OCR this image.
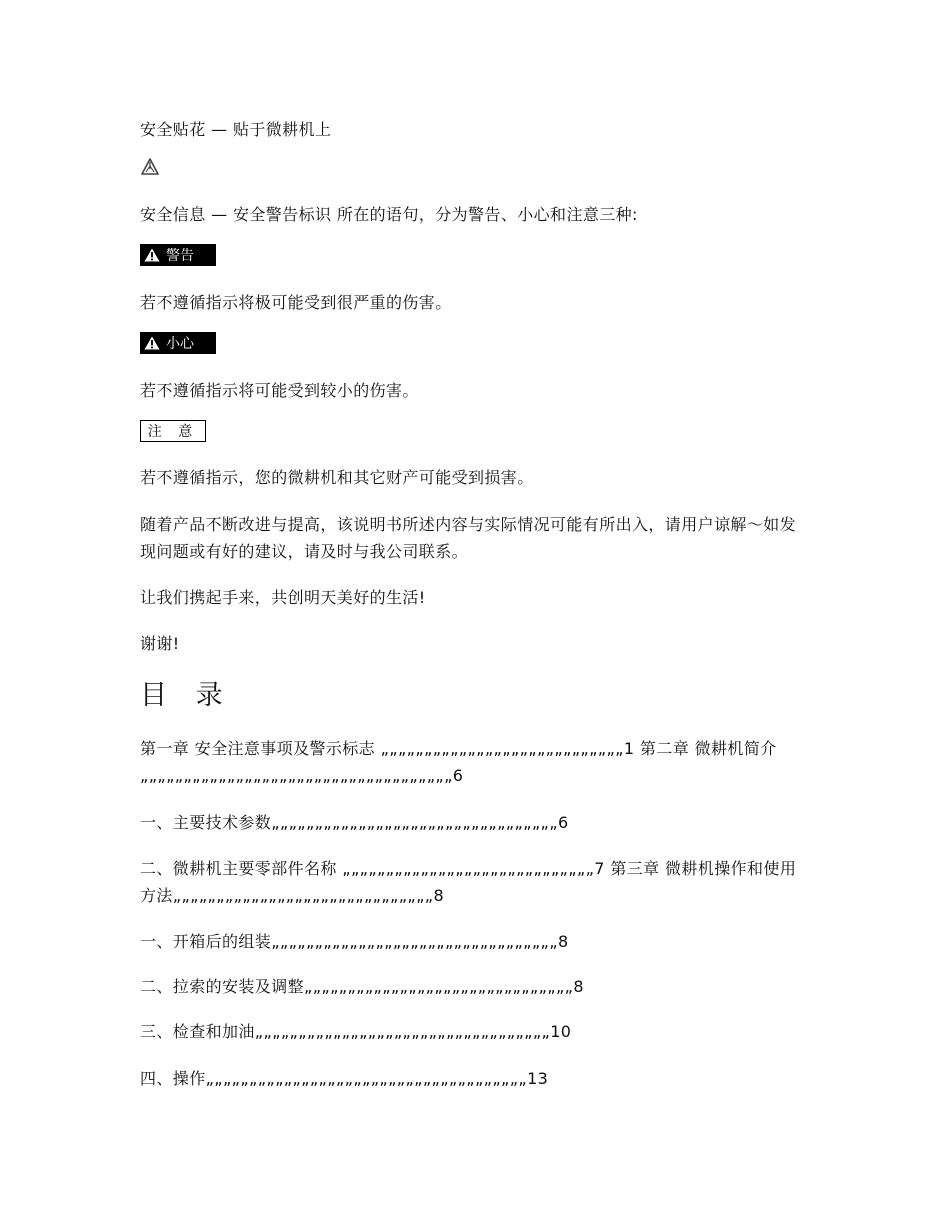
安全贴花 — 贴于微耕机上

安全信息 — 安全警告标识 所在的语句，分为警告、小心和注意三种:

警告

若不遵循指示将极可能受到很严重的伤害。

小心

若不遵循指示将可能受到较小的伤害。

注 意

若不遵循指示，您的微耕机和其它财产可能受到损害。

随着产品不断改进与提高，该说明书所述内容与实际情况可能有所出入，请用户谅解～如发现问题或有好的建议，请及时与我公司联系。

让我们携起手来，共创明天美好的生活!

谢谢!

目 录

第一章 安全注意事项及警示标志 „„„„„„„„„„„„„„„„„„„„„„„„„„„„1 第二章 微耕机简介„„„„„„„„„„„„„„„„„„„„„„„„„„„„„„„„„„„„6

一、主要技术参数„„„„„„„„„„„„„„„„„„„„„„„„„„„„„„„„„6

二、微耕机主要零部件名称 „„„„„„„„„„„„„„„„„„„„„„„„„„„„„7 第三章 微耕机操作和使用方法„„„„„„„„„„„„„„„„„„„„„„„„„„„„„„8

一、开箱后的组装„„„„„„„„„„„„„„„„„„„„„„„„„„„„„„„„„8

二、拉索的安装及调整„„„„„„„„„„„„„„„„„„„„„„„„„„„„„„„8

三、检查和加油„„„„„„„„„„„„„„„„„„„„„„„„„„„„„„„„„„10

四、操作„„„„„„„„„„„„„„„„„„„„„„„„„„„„„„„„„„„„„13
